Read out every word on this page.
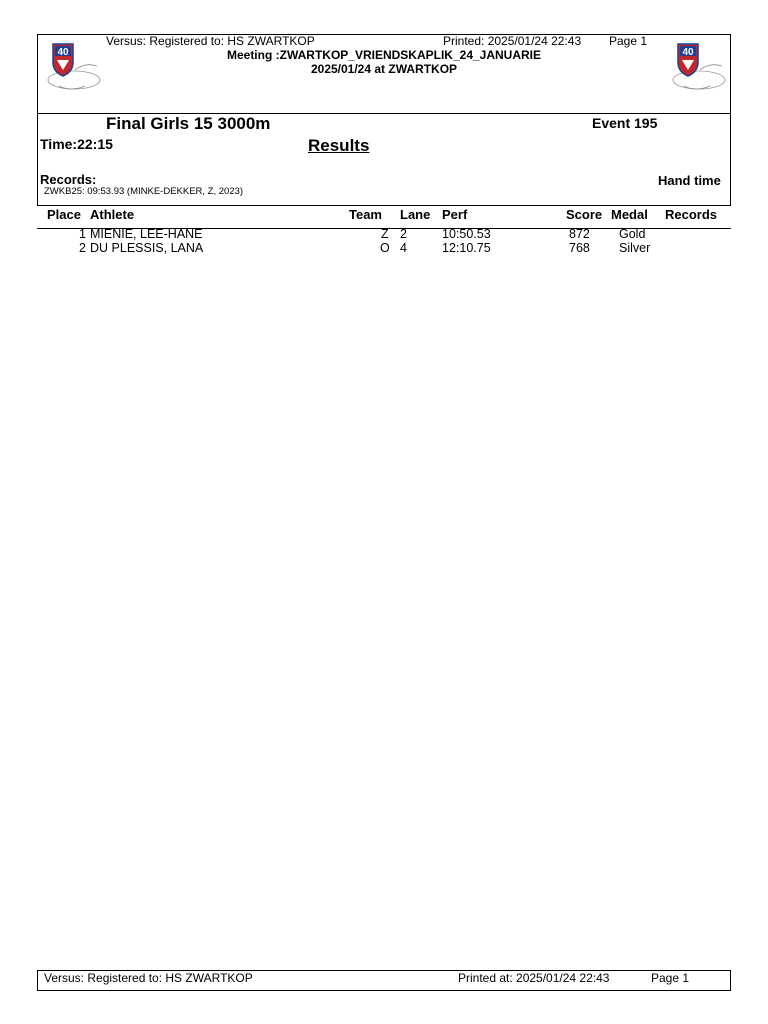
40	40
Versus: Registered to: HS ZWARTKOP	Printed: 2025/01/24 22:43 Page 1
Meeting :ZWARTKOP_VRIENDSKAPLIK_24_JANUARIE
2025/01/24 at ZWARTKOP
Final Girls 15 3000m	Event 195
Time:22:15	Results
Records:
ZWKB25: 09:53.93 (MINKE-DEKKER, Z, 2023)
Hand time
Place Athlete	Team Lane Perf	Score Medal Records
1 MIENIE, LEE-HANE	Z 2	10:50.53	872 Gold
2 DU PLESSIS, LANA	O 4	12:10.75	768 Silver
Versus: Registered to: HS ZWARTKOP	Printed at: 2025/01/24 22:43	Page 1
